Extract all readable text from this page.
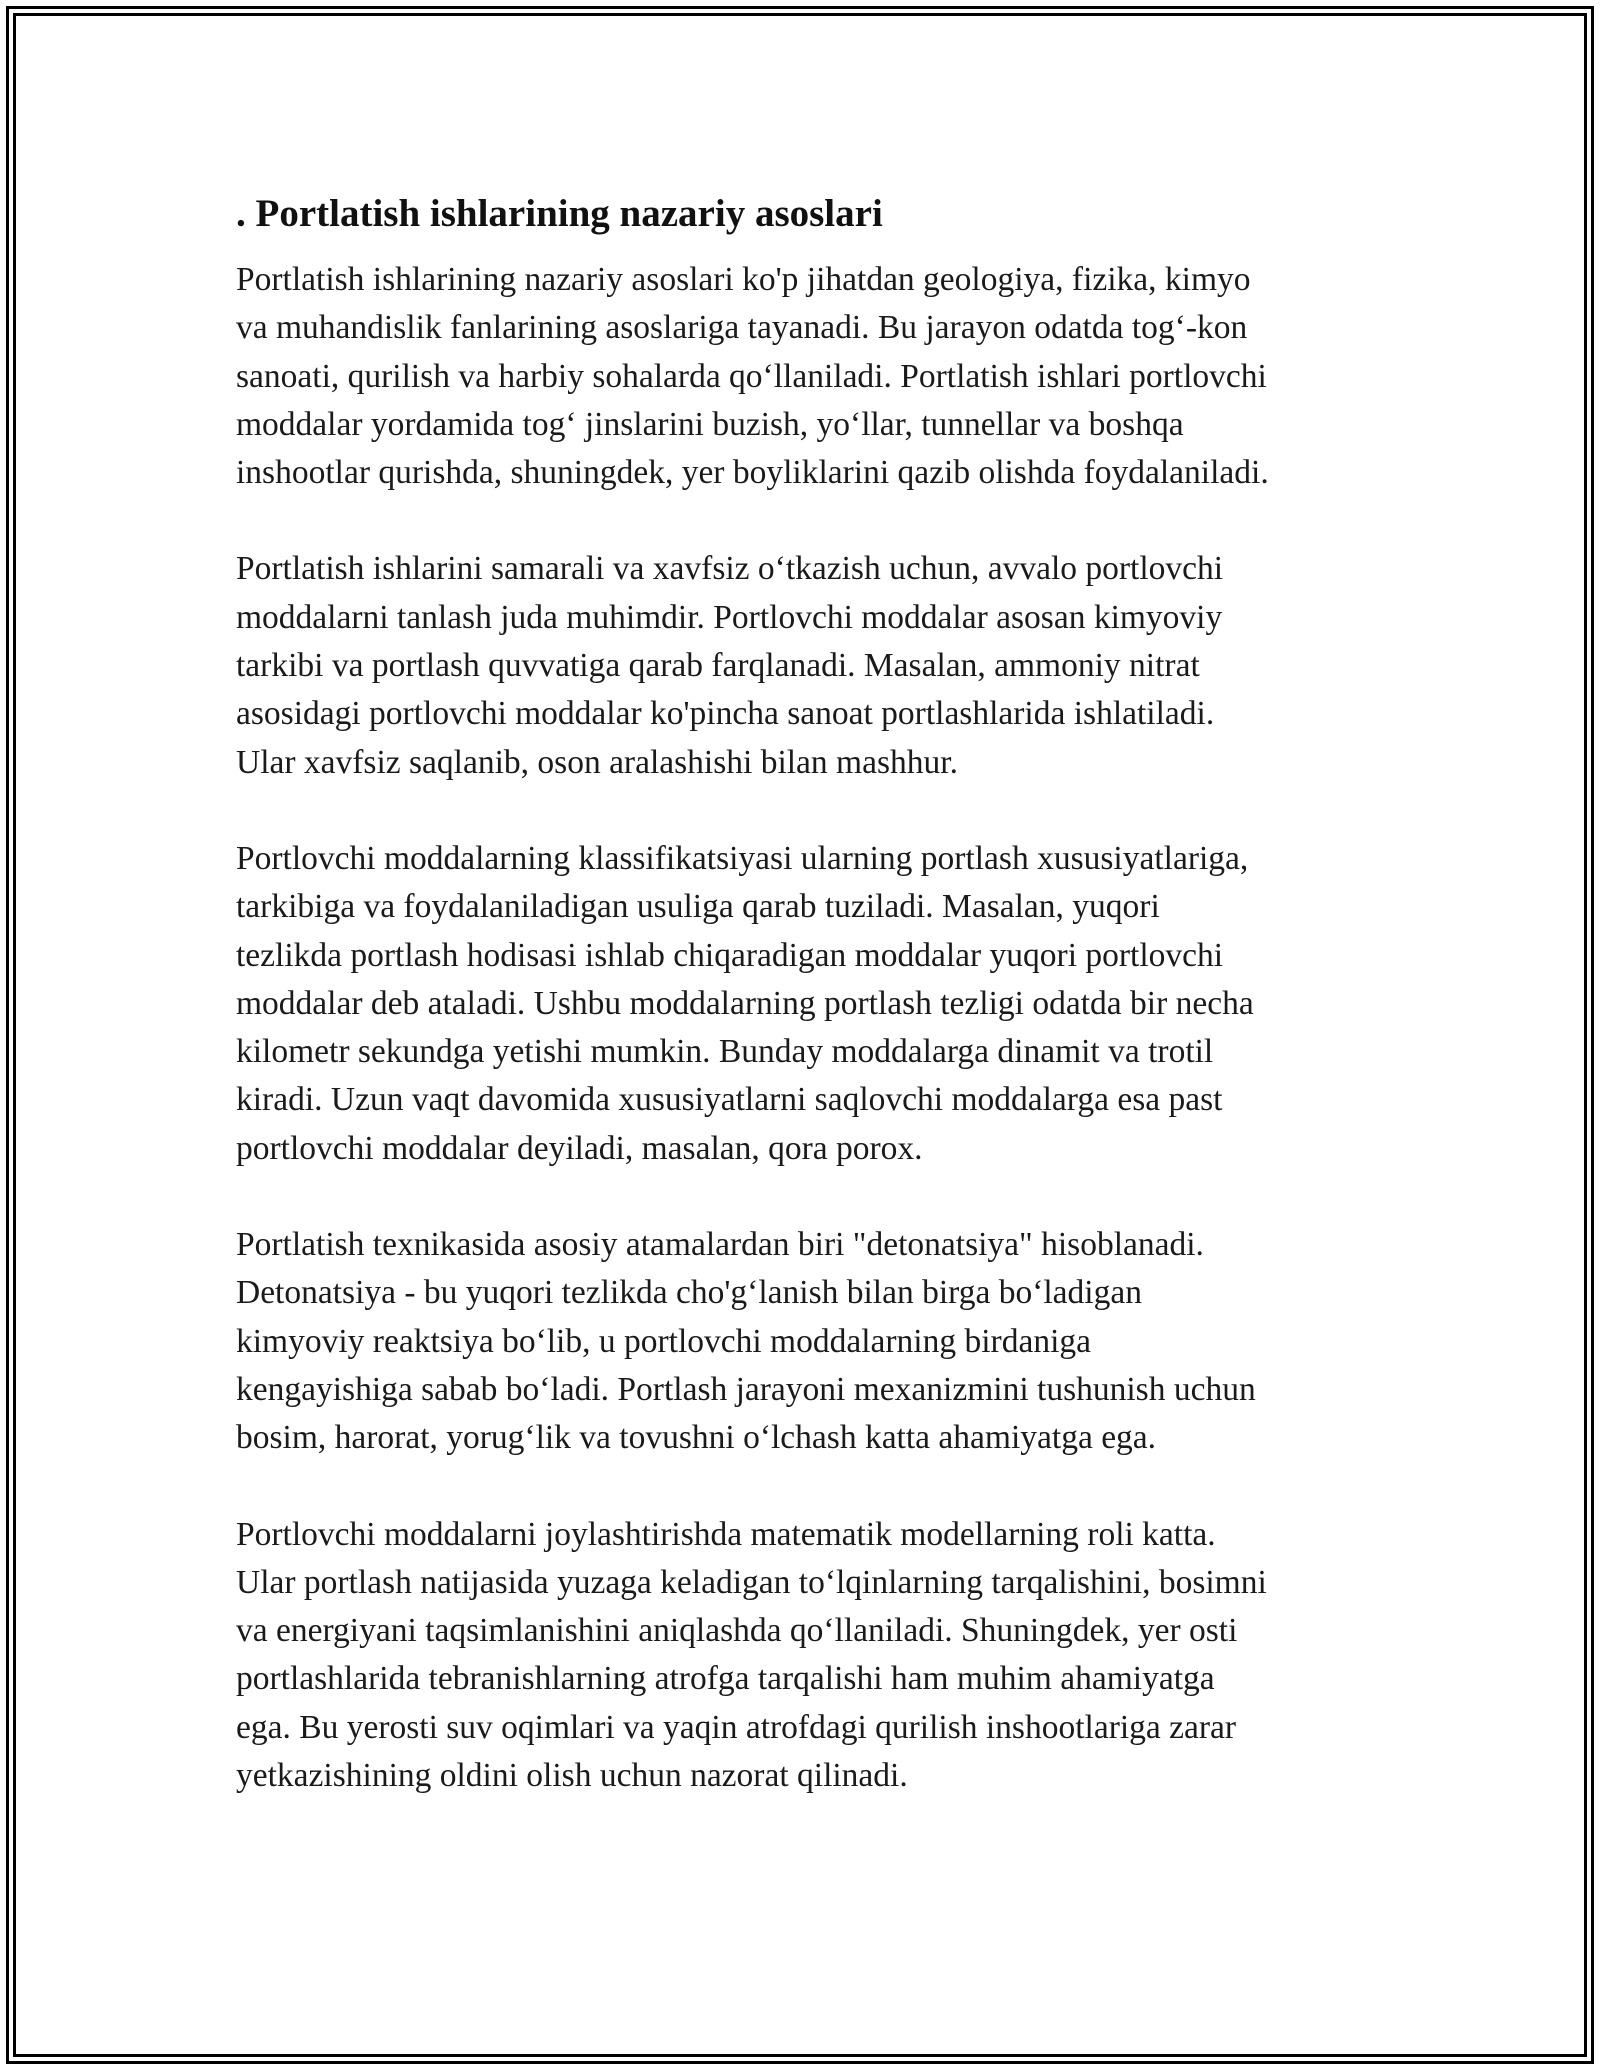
. Portlatish ishlarining nazariy asoslari
Portlatish ishlarining nazariy asoslari ko'p jihatdan geologiya, fizika, kimyo
va muhandislik fanlarining asoslariga tayanadi. Bu jarayon odatda tog‘-kon
sanoati, qurilish va harbiy sohalarda qo‘llaniladi. Portlatish ishlari portlovchi
moddalar yordamida tog‘ jinslarini buzish, yo‘llar, tunnellar va boshqa
inshootlar qurishda, shuningdek, yer boyliklarini qazib olishda foydalaniladi.
Portlatish ishlarini samarali va xavfsiz o‘tkazish uchun, avvalo portlovchi
moddalarni tanlash juda muhimdir. Portlovchi moddalar asosan kimyoviy
tarkibi va portlash quvvatiga qarab farqlanadi. Masalan, ammoniy nitrat
asosidagi portlovchi moddalar ko'pincha sanoat portlashlarida ishlatiladi.
Ular xavfsiz saqlanib, oson aralashishi bilan mashhur.
Portlovchi moddalarning klassifikatsiyasi ularning portlash xususiyatlariga,
tarkibiga va foydalaniladigan usuliga qarab tuziladi. Masalan, yuqori
tezlikda portlash hodisasi ishlab chiqaradigan moddalar yuqori portlovchi
moddalar deb ataladi. Ushbu moddalarning portlash tezligi odatda bir necha
kilometr sekundga yetishi mumkin. Bunday moddalarga dinamit va trotil
kiradi. Uzun vaqt davomida xususiyatlarni saqlovchi moddalarga esa past
portlovchi moddalar deyiladi, masalan, qora porox.
Portlatish texnikasida asosiy atamalardan biri "detonatsiya" hisoblanadi.
Detonatsiya - bu yuqori tezlikda cho'g‘lanish bilan birga bo‘ladigan
kimyoviy reaktsiya bo‘lib, u portlovchi moddalarning birdaniga
kengayishiga sabab bo‘ladi. Portlash jarayoni mexanizmini tushunish uchun
bosim, harorat, yorug‘lik va tovushni o‘lchash katta ahamiyatga ega.
Portlovchi moddalarni joylashtirishda matematik modellarning roli katta.
Ular portlash natijasida yuzaga keladigan to‘lqinlarning tarqalishini, bosimni
va energiyani taqsimlanishini aniqlashda qo‘llaniladi. Shuningdek, yer osti
portlashlarida tebranishlarning atrofga tarqalishi ham muhim ahamiyatga
ega. Bu yerosti suv oqimlari va yaqin atrofdagi qurilish inshootlariga zarar
yetkazishining oldini olish uchun nazorat qilinadi.
